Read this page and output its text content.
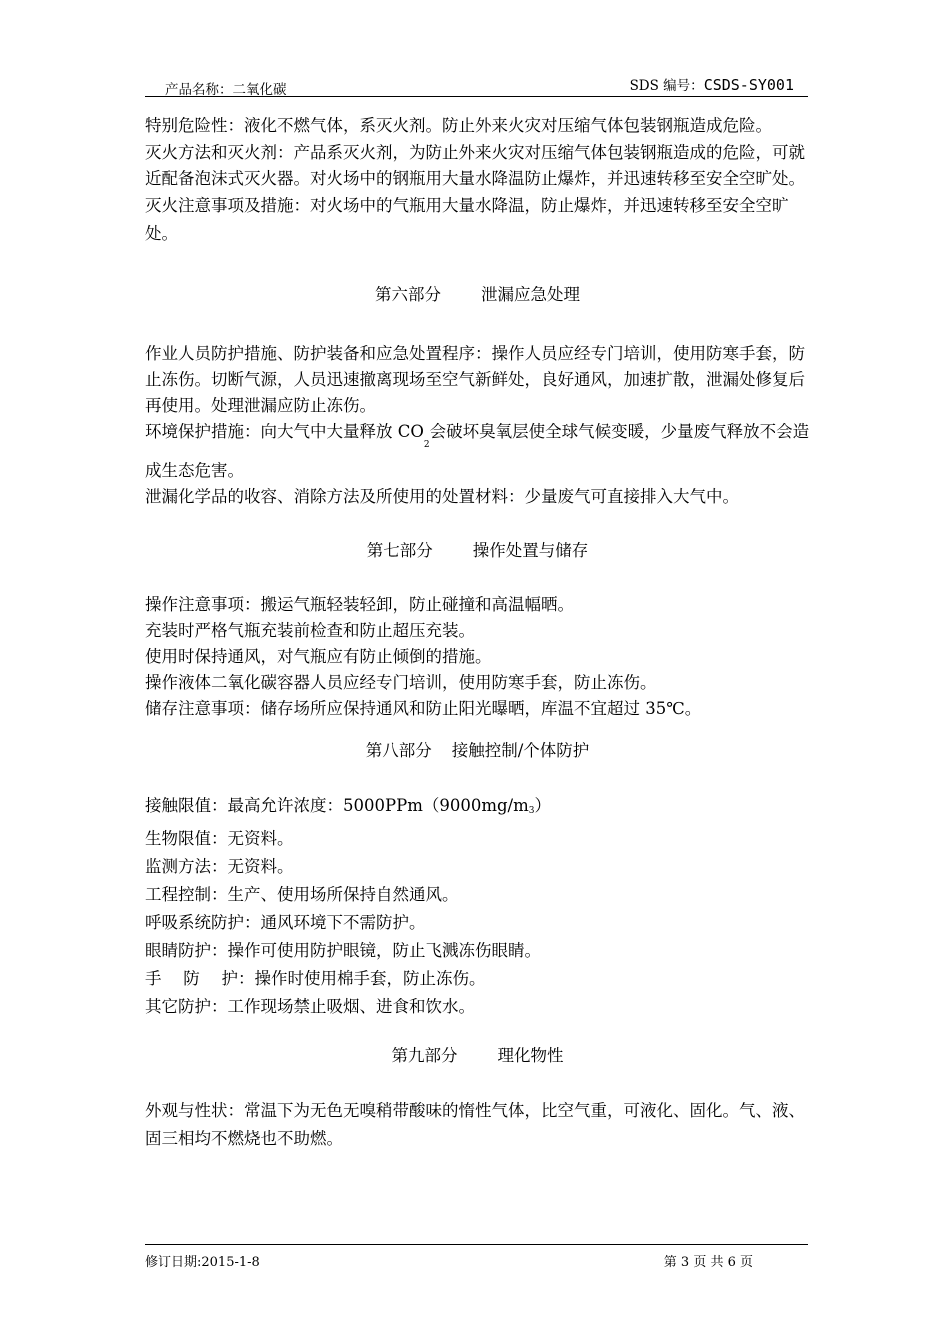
产品名称：二氧化碳	SDS 编号：CSDS-SY001

特别危险性：液化不燃气体，系灭火剂。防止外来火灾对压缩气体包装钢瓶造成危险。

灭火方法和灭火剂：产品系灭火剂，为防止外来火灾对压缩气体包装钢瓶造成的危险，可就近配备泡沫式灭火器。对火场中的钢瓶用大量水降温防止爆炸，并迅速转移至安全空旷处。

灭火注意事项及措施：对火场中的气瓶用大量水降温，防止爆炸，并迅速转移至安全空旷处。

第六部分 泄漏应急处理

作业人员防护措施、防护装备和应急处置程序：操作人员应经专门培训，使用防寒手套，防止冻伤。切断气源，人员迅速撤离现场至空气新鲜处，良好通风，加速扩散，泄漏处修复后再使用。处理泄漏应防止冻伤。

环境保护措施：向大气中大量释放 $CO_2$会破坏臭氧层使全球气候变暖，少量废气释放不会造成生态危害。

泄漏化学品的收容、消除方法及所使用的处置材料：少量废气可直接排入大气中。

第七部分 操作处置与储存

操作注意事项：搬运气瓶轻装轻卸，防止碰撞和高温幅晒。

充装时严格气瓶充装前检查和防止超压充装。

使用时保持通风，对气瓶应有防止倾倒的措施。

操作液体二氧化碳容器人员应经专门培训，使用防寒手套，防止冻伤。

储存注意事项：储存场所应保持通风和防止阳光曝晒，库温不宜超过 35℃。

第八部分 接触控制/个体防护

接触限值：最高允许浓度：$5000PPm(9000mg/m_3)$

生物限值：无资料。

监测方法：无资料。

工程控制：生产、使用场所保持自然通风。

呼吸系统防护：通风环境下不需防护。

眼睛防护：操作可使用防护眼镜，防止飞溅冻伤眼睛。

手　 防　 护：操作时使用棉手套，防止冻伤。

其它防护：工作现场禁止吸烟、进食和饮水。

第九部分 理化物性

外观与性状：常温下为无色无嗅稍带酸味的惰性气体，比空气重，可液化、固化。气、液、固三相均不燃烧也不助燃。

修订日期:2015-1-8	第 3 页 共 6 页
